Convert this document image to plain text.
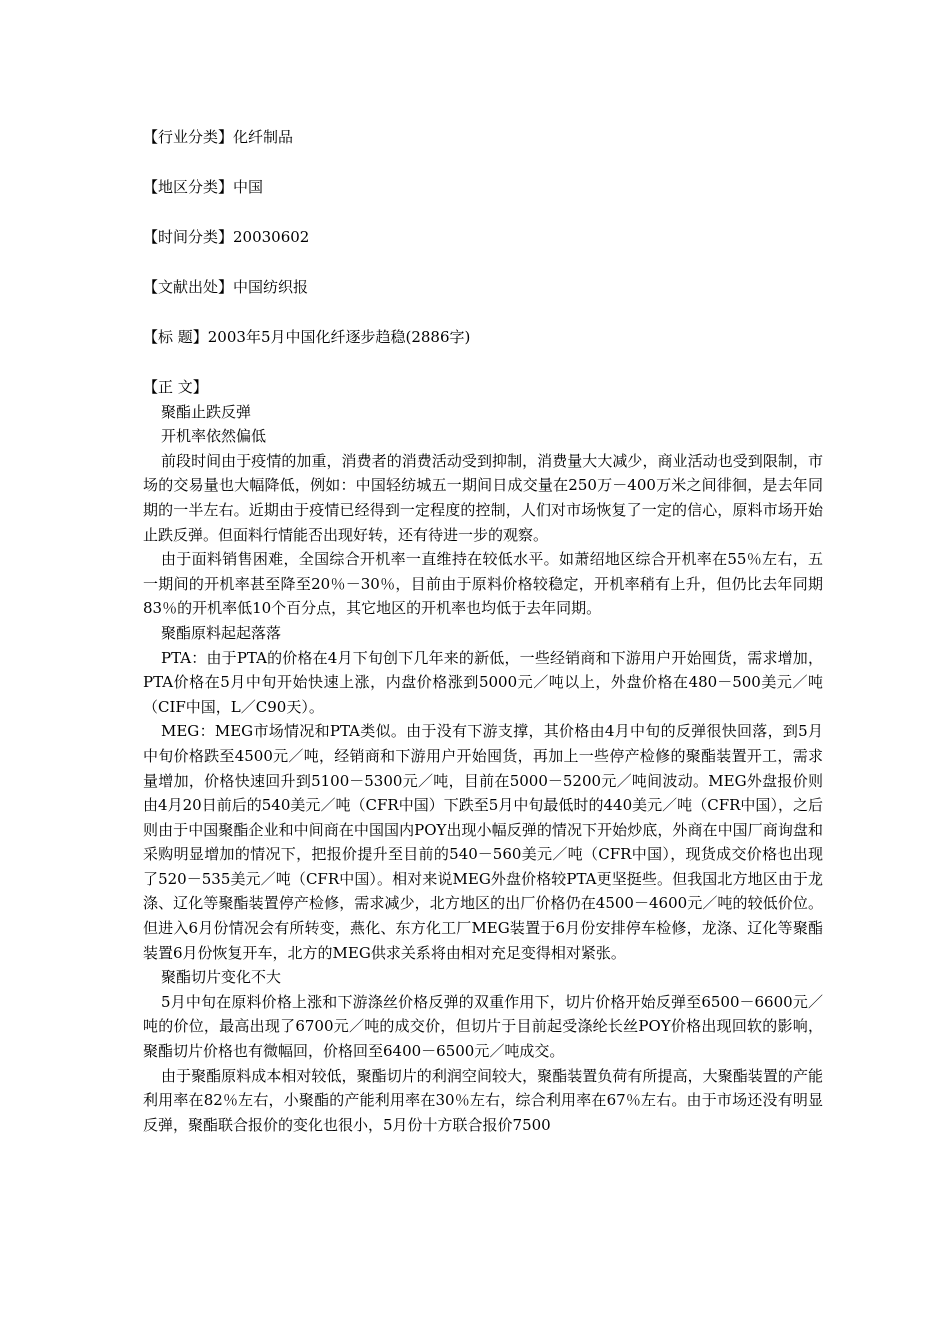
【行业分类】化纤制品
【地区分类】中国
【时间分类】20030602
【文献出处】中国纺织报
【标 题】2003年5月中国化纤逐步趋稳(2886字)

【正 文】

聚酯止跌反弹

开机率依然偏低

前段时间由于疫情的加重，消费者的消费活动受到抑制，消费量大大减少，商业活动也受到限制，市场的交易量也大幅降低，例如：中国轻纺城五一期间日成交量在250万－400万米之间徘徊，是去年同期的一半左右。近期由于疫情已经得到一定程度的控制，人们对市场恢复了一定的信心，原料市场开始止跌反弹。但面料行情能否出现好转，还有待进一步的观察。

由于面料销售困难，全国综合开机率一直维持在较低水平。如萧绍地区综合开机率在55％左右，五一期间的开机率甚至降至20％－30％，目前由于原料价格较稳定，开机率稍有上升，但仍比去年同期83％的开机率低10个百分点，其它地区的开机率也均低于去年同期。

聚酯原料起起落落

PTA：由于PTA的价格在4月下旬创下几年来的新低，一些经销商和下游用户开始囤货，需求增加，PTA价格在5月中旬开始快速上涨，内盘价格涨到5000元／吨以上，外盘价格在480－500美元／吨（CIF中国，L／C90天）。

MEG：MEG市场情况和PTA类似。由于没有下游支撑，其价格由4月中旬的反弹很快回落，到5月中旬价格跌至4500元／吨，经销商和下游用户开始囤货，再加上一些停产检修的聚酯装置开工，需求量增加，价格快速回升到5100－5300元／吨，目前在5000－5200元／吨间波动。MEG外盘报价则由4月20日前后的540美元／吨（CFR中国）下跌至5月中旬最低时的440美元／吨（CFR中国），之后则由于中国聚酯企业和中间商在中国国内POY出现小幅反弹的情况下开始炒底，外商在中国厂商询盘和采购明显增加的情况下，把报价提升至目前的540－560美元／吨（CFR中国），现货成交价格也出现了520－535美元／吨（CFR中国）。相对来说MEG外盘价格较PTA更坚挺些。但我国北方地区由于龙涤、辽化等聚酯装置停产检修，需求减少，北方地区的出厂价格仍在4500－4600元／吨的较低价位。但进入6月份情况会有所转变，燕化、东方化工厂MEG装置于6月份安排停车检修，龙涤、辽化等聚酯装置6月份恢复开车，北方的MEG供求关系将由相对充足变得相对紧张。

聚酯切片变化不大

5月中旬在原料价格上涨和下游涤丝价格反弹的双重作用下，切片价格开始反弹至6500－6600元／吨的价位，最高出现了6700元／吨的成交价，但切片于目前起受涤纶长丝POY价格出现回软的影响，聚酯切片价格也有微幅回，价格回至6400－6500元／吨成交。

由于聚酯原料成本相对较低，聚酯切片的利润空间较大，聚酯装置负荷有所提高，大聚酯装置的产能利用率在82％左右，小聚酯的产能利用率在30％左右，综合利用率在67％左右。由于市场还没有明显反弹，聚酯联合报价的变化也很小，5月份十方联合报价7500
